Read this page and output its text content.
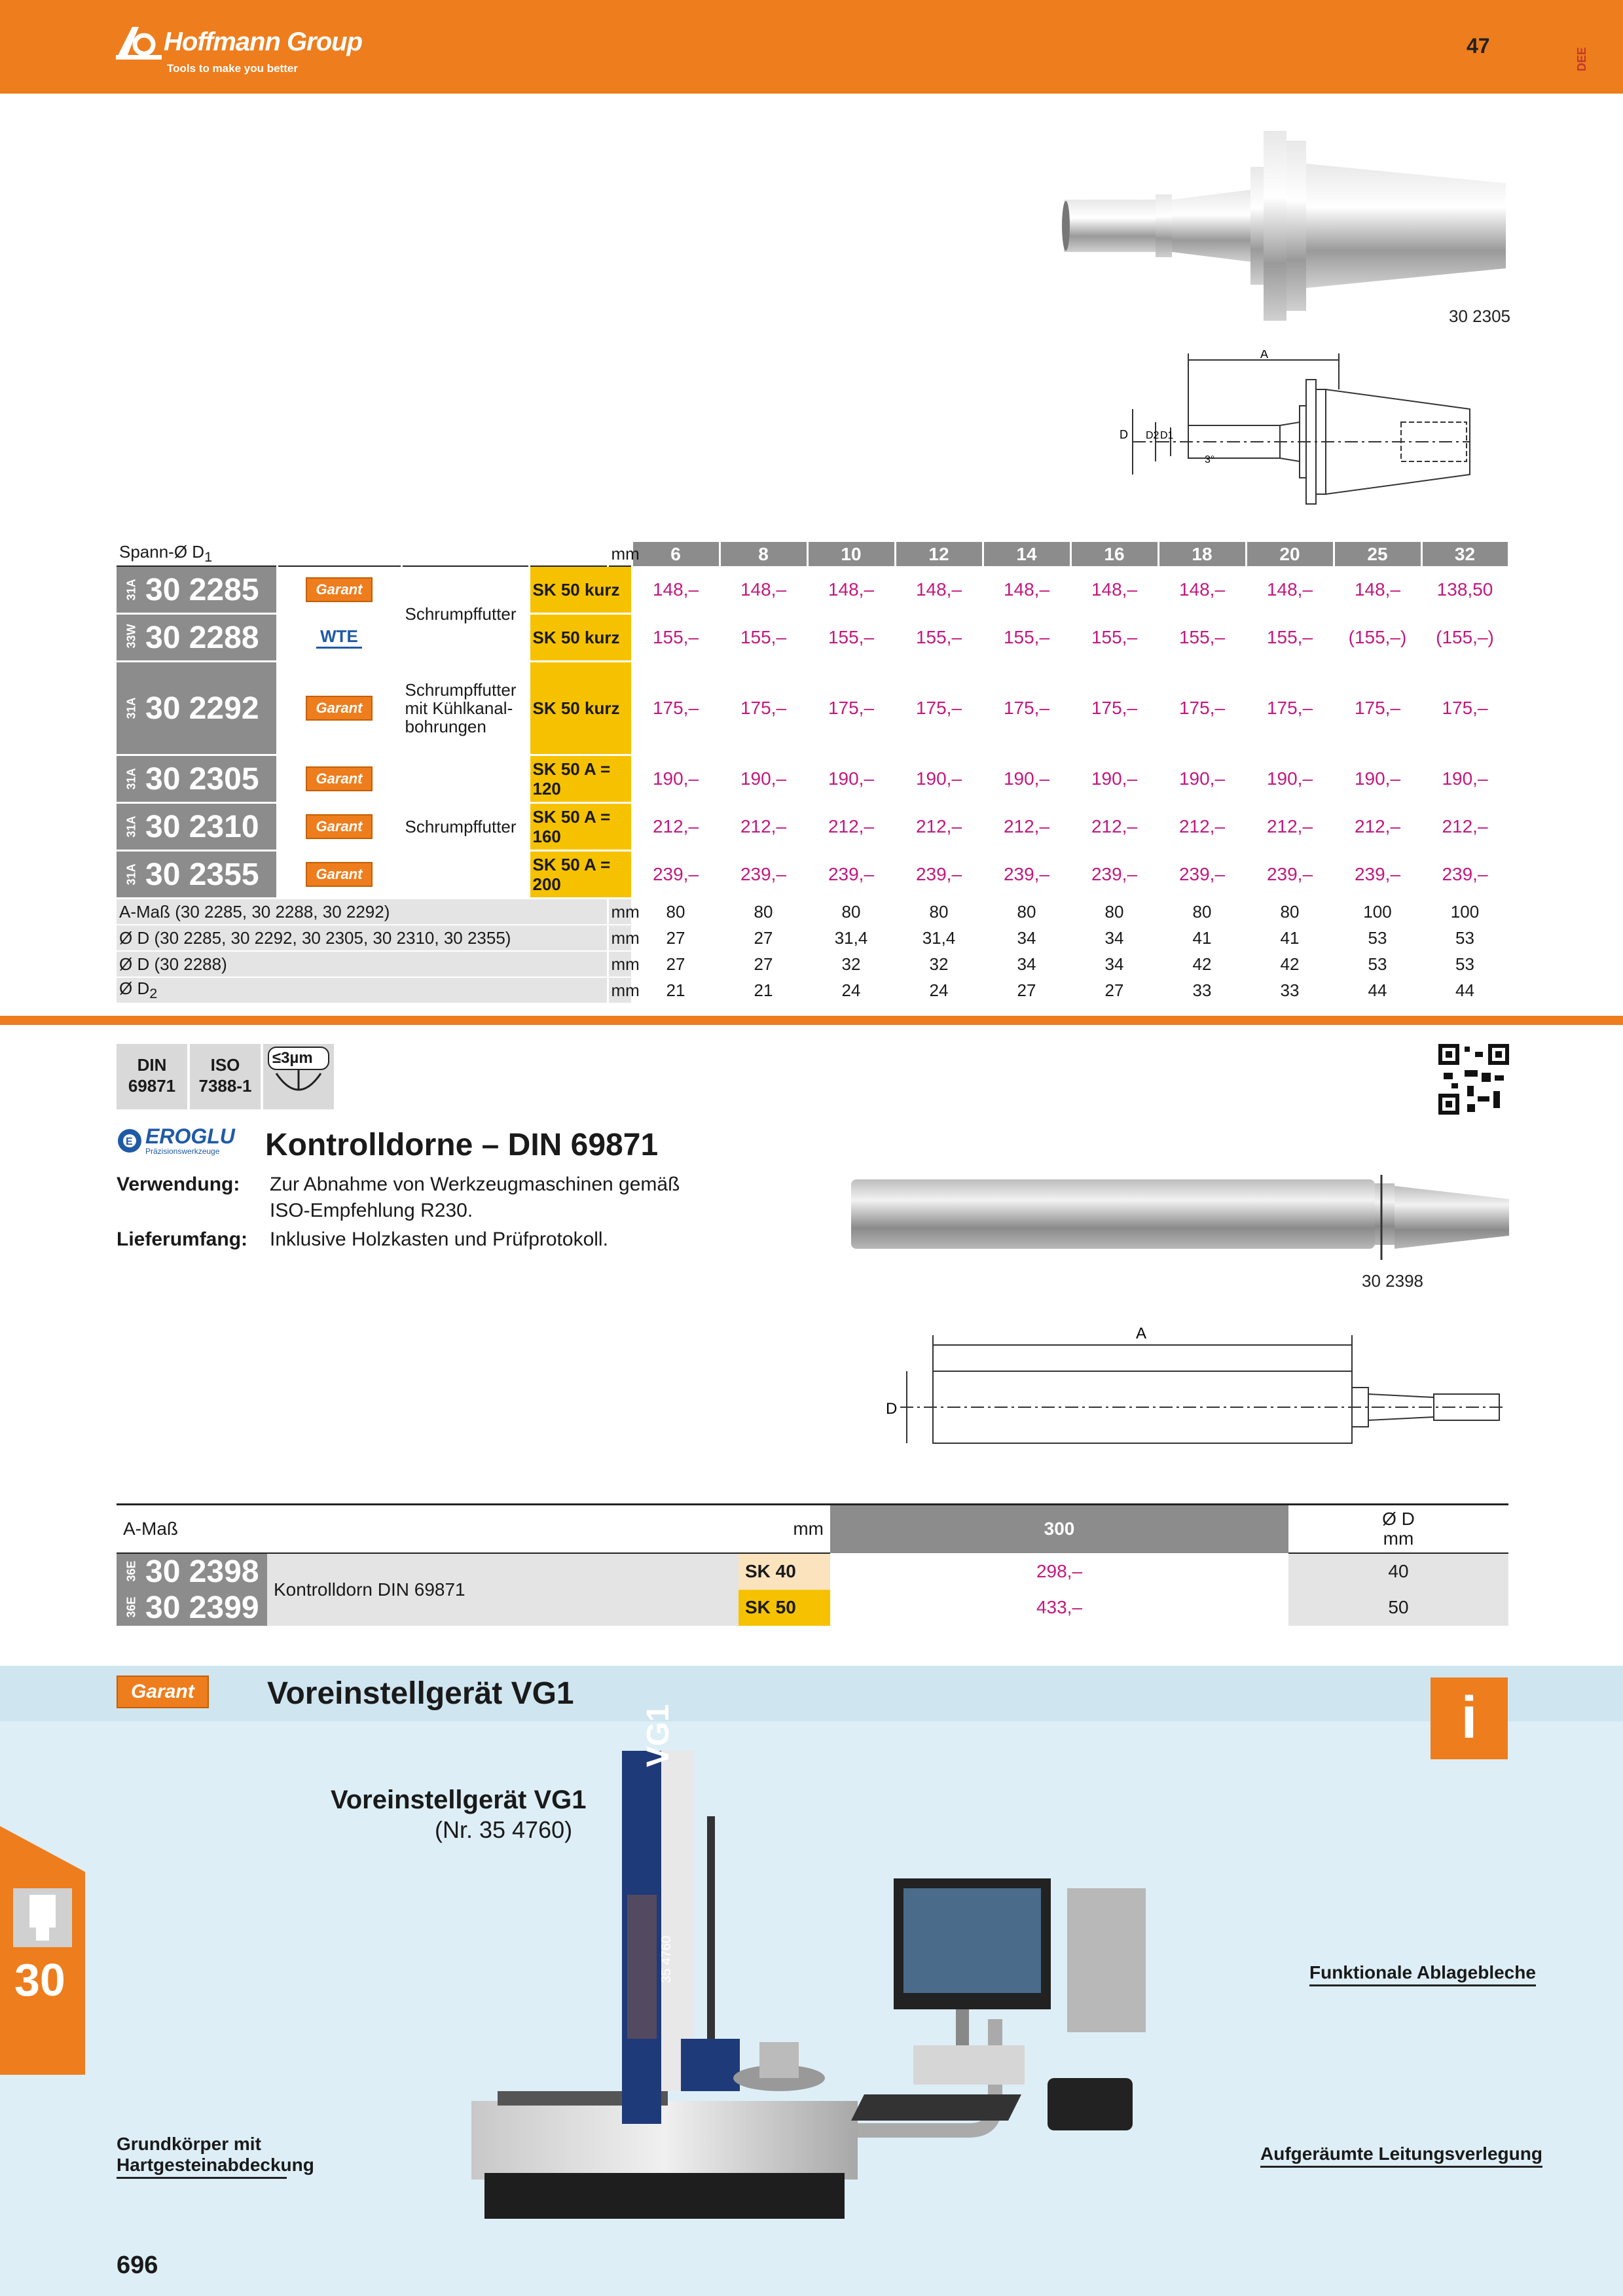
Hoffmann Group
Tools to make you better
47
DEE
30 2305
A
D D2 D1
3°
Spann-Ø $D_1$				mm	6	8	10	12	14	16	18	20	25	32
31A 30 2285	Garant	Schrumpffutter	SK 50 kurz		148,–	148,–	148,–	148,–	148,–	148,–	148,–	148,–	148,–	138,50
33W 30 2288	WTE		SK 50 kurz		155,–	155,–	155,–	155,–	155,–	155,–	155,–	155,–	(155,–)	(155,–)
31A 30 2292	Garant	Schrumpffutter mit Kühlkanal-bohrungen	SK 50 kurz		175,–	175,–	175,–	175,–	175,–	175,–	175,–	175,–	175,–	175,–
31A 30 2305	Garant	Schrumpffutter	SK 50 A = 120		190,–	190,–	190,–	190,–	190,–	190,–	190,–	190,–	190,–	190,–
31A 30 2310	Garant		SK 50 A = 160		212,–	212,–	212,–	212,–	212,–	212,–	212,–	212,–	212,–	212,–
31A 30 2355	Garant		SK 50 A = 200		239,–	239,–	239,–	239,–	239,–	239,–	239,–	239,–	239,–	239,–
A-Maß (30 2285, 30 2288, 30 2292)				mm	80	80	80	80	80	80	80	80	100	100
Ø D (30 2285, 30 2292, 30 2305, 30 2310, 30 2355)				mm	27	27	31,4	31,4	34	34	41	41	53	53
Ø D (30 2288)				mm	27	27	32	32	34	34	42	42	53	53
Ø $D_2$				mm	21	21	24	24	27	27	33	33	44	44
DIN
69871
ISO
7388-1
≤3µm
E EROGLU
Präzisionswerkzeuge Kontrolldorne – DIN 69871
Verwendung: Zur Abnahme von Werkzeugmaschinen gemäß
ISO-Empfehlung R230.
Lieferumfang: Inklusive Holzkasten und Prüfprotokoll.
30 2398
A
D
A-Maß		mm	300	Ø D
mm

36E 30 2398	Kontrolldorn DIN 69871	SK 40	298,–	40
36E 30 2399		SK 50	433,–	50
Garant	Voreinstellgerät VG1	i
Voreinstellgerät VG1
(Nr. 35 4760)
VG1
35 4760	Funktionale Ablagebleche
Grundkörper mit
Hartgesteinabdeckung
Aufgeräumte Leitungsverlegung
30
696
